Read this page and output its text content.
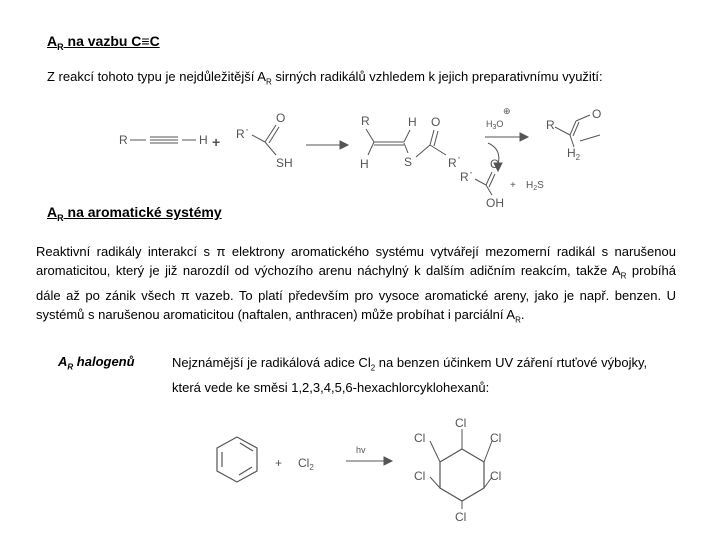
$A_R$ na vazbu C≡C
Z reakcí tohoto typu je nejdůležitější $A_R$ sirných radikálů vzhledem k jejich preparativnímu využití:
R	H + R ·
O
SH
R
H
H
S
O
R ·
$H_3O$
⊕
R
O
$H_2$
R ·
O
OH
+ $H_2S$
$A_R$ na aromatické systémy
Reaktivní radikály interakcí s π elektrony aromatického systému vytvářejí mezomerní radikál s narušenou aromaticitou, který je již narozdíl od výchozího arenu náchylný k dalším adičním reakcím, takže $A_R$ probíhá dále až po zánik všech π vazeb. To platí především pro vysoce aromatické areny, jako je např. benzen. U systémů s narušenou aromaticitou (naftalen, anthracen) může probíhat i parciální $A_R$.
$A_R$ halogenů	Nejznámější je radikálová adice $Cl_2$ na benzen účinkem UV záření rtuťové výbojky, která vede ke směsi 1,2,3,4,5,6-hexachlorcyklohexanů:
+ $Cl_2$
hv
Cl
Cl
Cl
Cl
Cl
Cl
